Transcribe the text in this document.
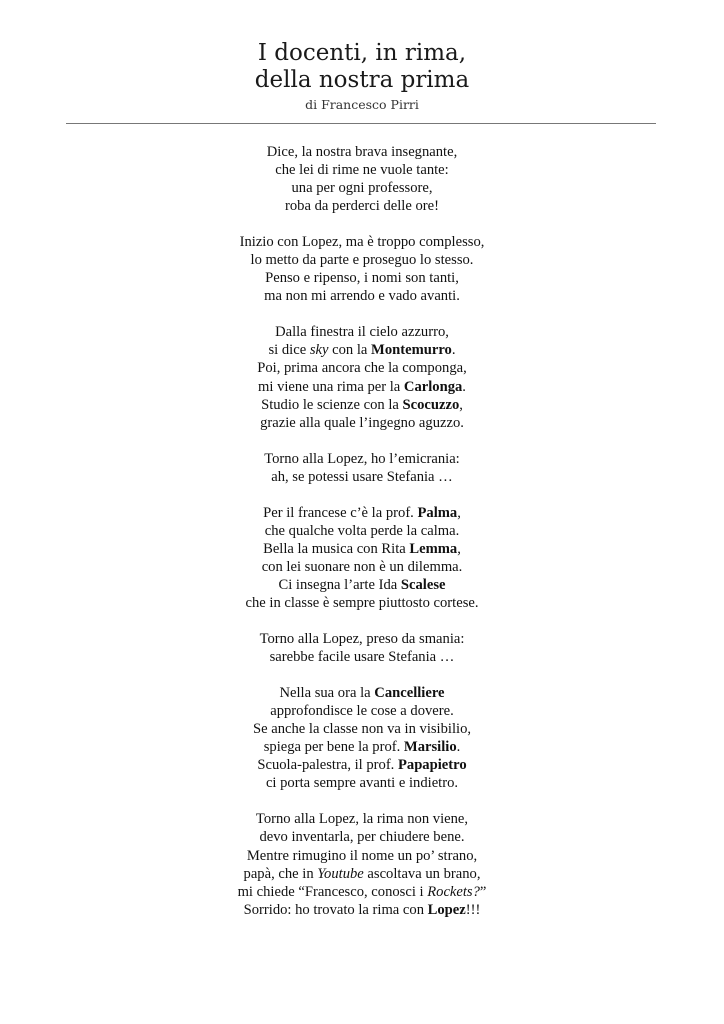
I docenti, in rima,
della nostra prima
di Francesco Pirri
Dice, la nostra brava insegnante,
che lei di rime ne vuole tante:
una per ogni professore,
roba da perderci delle ore!
Inizio con Lopez, ma è troppo complesso,
lo metto da parte e proseguo lo stesso.
Penso e ripenso, i nomi son tanti,
ma non mi arrendo e vado avanti.
Dalla finestra il cielo azzurro,
si dice sky con la Montemurro.
Poi, prima ancora che la componga,
mi viene una rima per la Carlonga.
Studio le scienze con la Scocuzzo,
grazie alla quale l’ingegno aguzzo.
Torno alla Lopez, ho l’emicrania:
ah, se potessi usare Stefania …
Per il francese c’è la prof. Palma,
che qualche volta perde la calma.
Bella la musica con Rita Lemma,
con lei suonare non è un dilemma.
Ci insegna l’arte Ida Scalese
che in classe è sempre piuttosto cortese.
Torno alla Lopez, preso da smania:
sarebbe facile usare Stefania …
Nella sua ora la Cancelliere
approfondisce le cose a dovere.
Se anche la classe non va in visibilio,
spiega per bene la prof. Marsilio.
Scuola-palestra, il prof. Papapietro
ci porta sempre avanti e indietro.
Torno alla Lopez, la rima non viene,
devo inventarla, per chiudere bene.
Mentre rimugino il nome un po’ strano,
papà, che in Youtube ascoltava un brano,
mi chiede “Francesco, conosci i Rockets?”
Sorrido: ho trovato la rima con Lopez!!!
